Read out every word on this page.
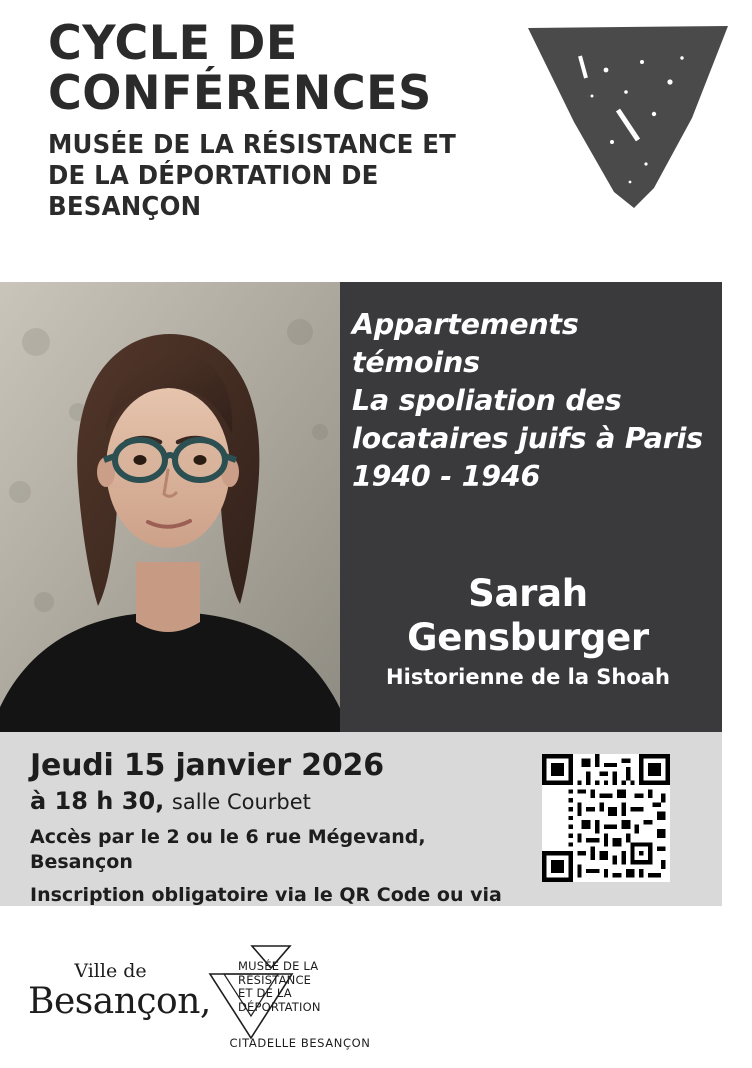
CYCLE DE
CONFÉRENCES
MUSÉE DE LA RÉSISTANCE ET
DE LA DÉPORTATION DE BESANÇON
Appartements témoins
La spoliation des
locataires juifs à Paris
1940 - 1946
Sarah Gensburger
Historienne de la Shoah
Jeudi 15 janvier 2026
à 18 h 30, salle Courbet
Accès par le 2 ou le 6 rue Mégevand, Besançon
Inscription obligatoire via le QR Code ou via
Ville de
Besançon,
MUSÉE DE LA
RÉSISTANCE
ET DE LA
DÉPORTATION
CITADELLE BESANÇON
